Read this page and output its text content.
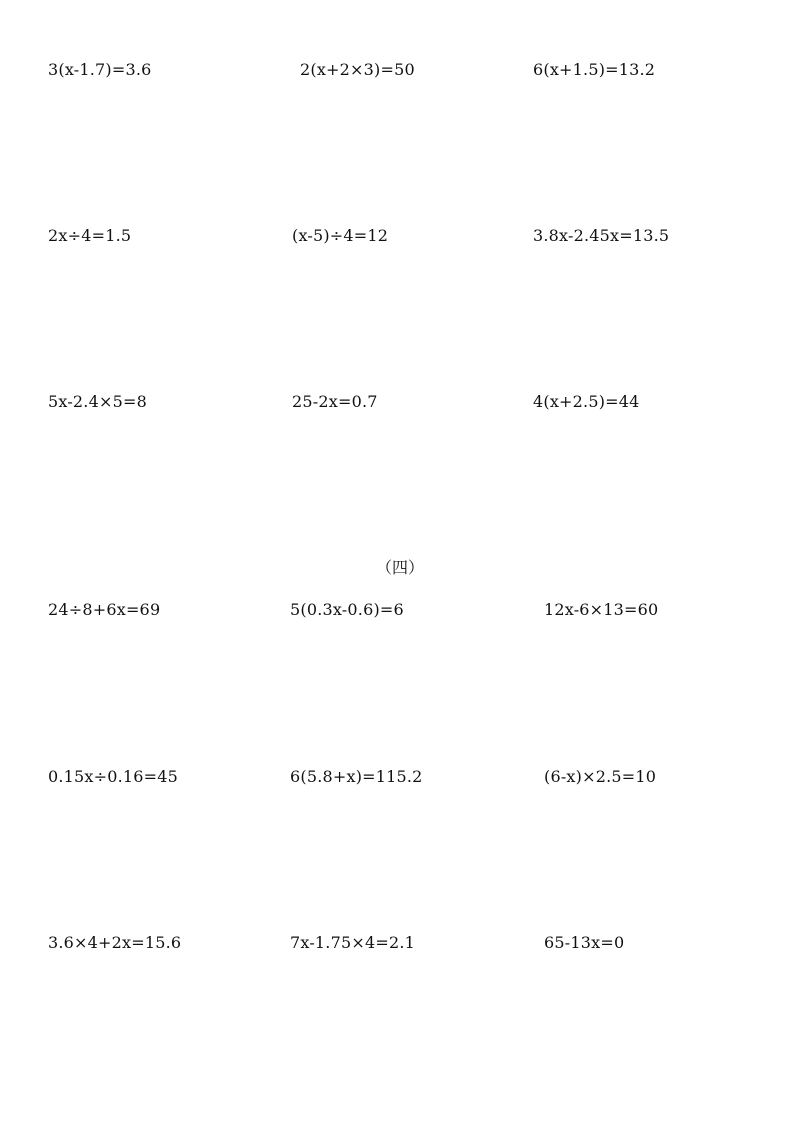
3(x-1.7)=3.6	2(x+2×3)=50	6(x+1.5)=13.2
2x÷4=1.5	(x-5)÷4=12	3.8x-2.45x=13.5
5x-2.4×5=8	25-2x=0.7	4(x+2.5)=44
（四）
24÷8+6x=69	5(0.3x-0.6)=6	12x-6×13=60
0.15x÷0.16=45	6(5.8+x)=115.2	(6-x)×2.5=10
3.6×4+2x=15.6	7x-1.75×4=2.1	65-13x=0
